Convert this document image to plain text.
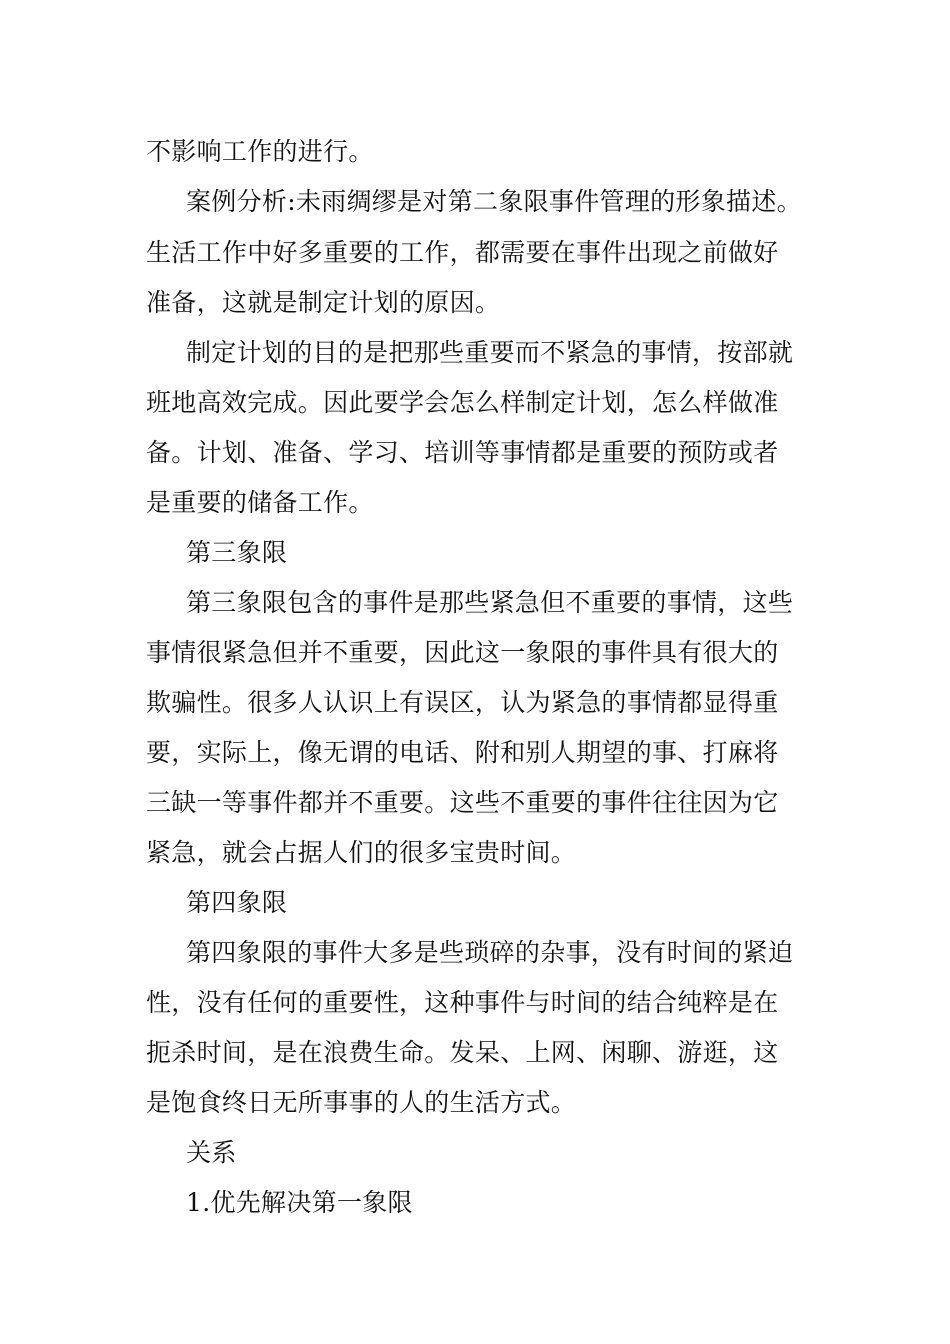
不影响工作的进行。
案例分析:未雨绸缪是对第二象限事件管理的形象描述。
生活工作中好多重要的工作，都需要在事件出现之前做好
准备，这就是制定计划的原因。
制定计划的目的是把那些重要而不紧急的事情，按部就
班地高效完成。因此要学会怎么样制定计划，怎么样做准
备。计划、准备、学习、培训等事情都是重要的预防或者
是重要的储备工作。
第三象限
第三象限包含的事件是那些紧急但不重要的事情，这些
事情很紧急但并不重要，因此这一象限的事件具有很大的
欺骗性。很多人认识上有误区，认为紧急的事情都显得重
要，实际上，像无谓的电话、附和别人期望的事、打麻将
三缺一等事件都并不重要。这些不重要的事件往往因为它
紧急，就会占据人们的很多宝贵时间。
第四象限
第四象限的事件大多是些琐碎的杂事，没有时间的紧迫
性，没有任何的重要性，这种事件与时间的结合纯粹是在
扼杀时间，是在浪费生命。发呆、上网、闲聊、游逛，这
是饱食终日无所事事的人的生活方式。
关系
1.优先解决第一象限
